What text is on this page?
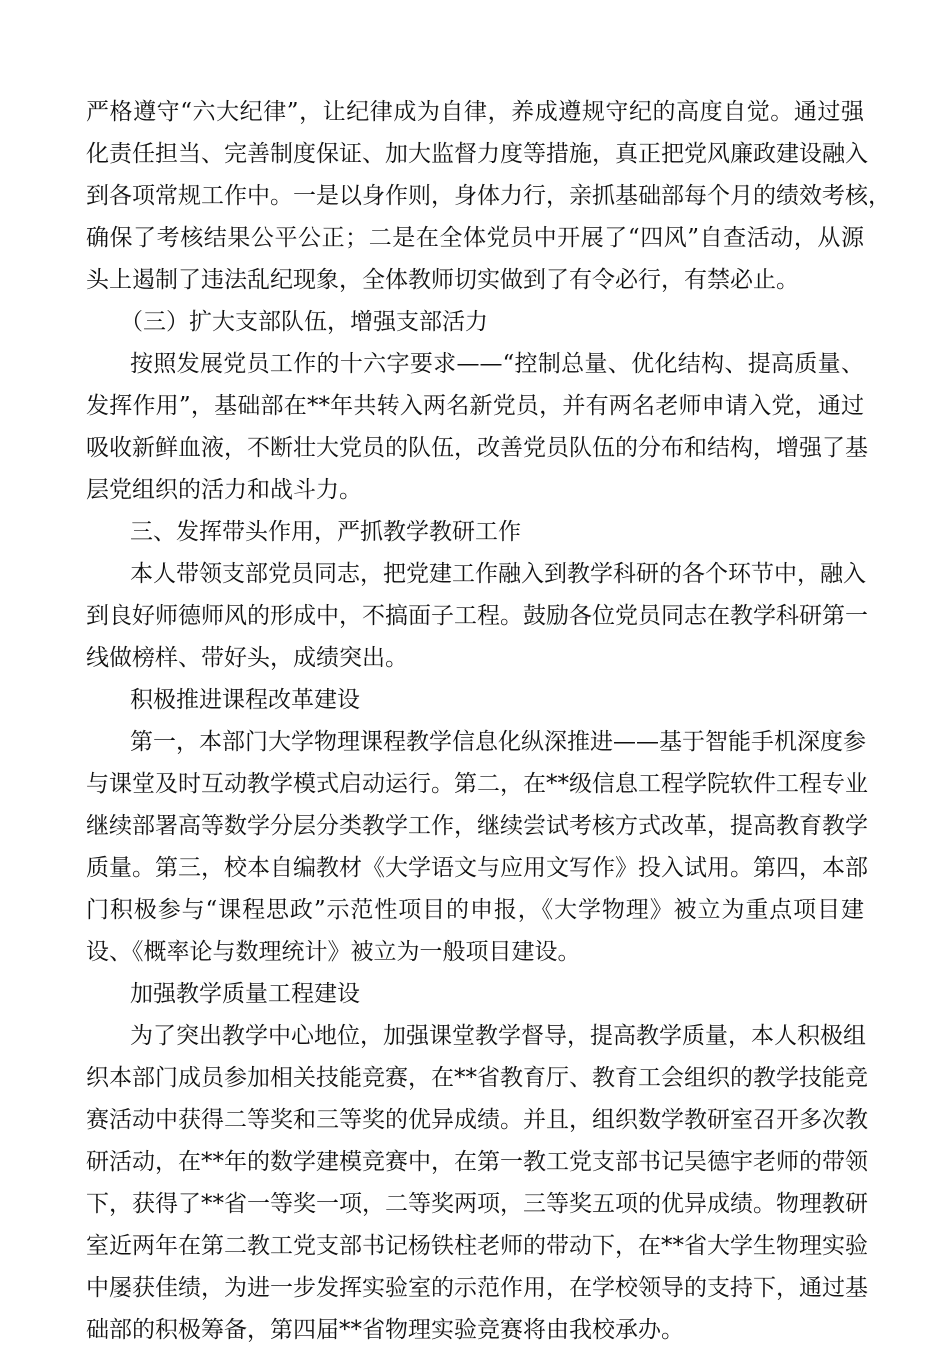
严格遵守“六大纪律”，让纪律成为自律，养成遵规守纪的高度自觉。通过强
化责任担当、完善制度保证、加大监督力度等措施，真正把党风廉政建设融入
到各项常规工作中。一是以身作则，身体力行，亲抓基础部每个月的绩效考核，
确保了考核结果公平公正；二是在全体党员中开展了“四风”自查活动，从源
头上遏制了违法乱纪现象，全体教师切实做到了有令必行，有禁必止。
（三）扩大支部队伍，增强支部活力
按照发展党员工作的十六字要求——“控制总量、优化结构、提高质量、
发挥作用”，基础部在**年共转入两名新党员，并有两名老师申请入党，通过
吸收新鲜血液，不断壮大党员的队伍，改善党员队伍的分布和结构，增强了基
层党组织的活力和战斗力。
三、发挥带头作用，严抓教学教研工作
本人带领支部党员同志，把党建工作融入到教学科研的各个环节中，融入
到良好师德师风的形成中，不搞面子工程。鼓励各位党员同志在教学科研第一
线做榜样、带好头，成绩突出。
积极推进课程改革建设
第一，本部门大学物理课程教学信息化纵深推进——基于智能手机深度参
与课堂及时互动教学模式启动运行。第二，在**级信息工程学院软件工程专业
继续部署高等数学分层分类教学工作，继续尝试考核方式改革，提高教育教学
质量。第三，校本自编教材《大学语文与应用文写作》投入试用。第四，本部
门积极参与“课程思政”示范性项目的申报，《大学物理》被立为重点项目建
设、《概率论与数理统计》被立为一般项目建设。
加强教学质量工程建设
为了突出教学中心地位，加强课堂教学督导，提高教学质量，本人积极组
织本部门成员参加相关技能竞赛，在**省教育厅、教育工会组织的教学技能竞
赛活动中获得二等奖和三等奖的优异成绩。并且，组织数学教研室召开多次教
研活动，在**年的数学建模竞赛中，在第一教工党支部书记吴德宇老师的带领
下，获得了**省一等奖一项，二等奖两项，三等奖五项的优异成绩。物理教研
室近两年在第二教工党支部书记杨铁柱老师的带动下，在**省大学生物理实验
中屡获佳绩，为进一步发挥实验室的示范作用，在学校领导的支持下，通过基
础部的积极筹备，第四届**省物理实验竞赛将由我校承办。
